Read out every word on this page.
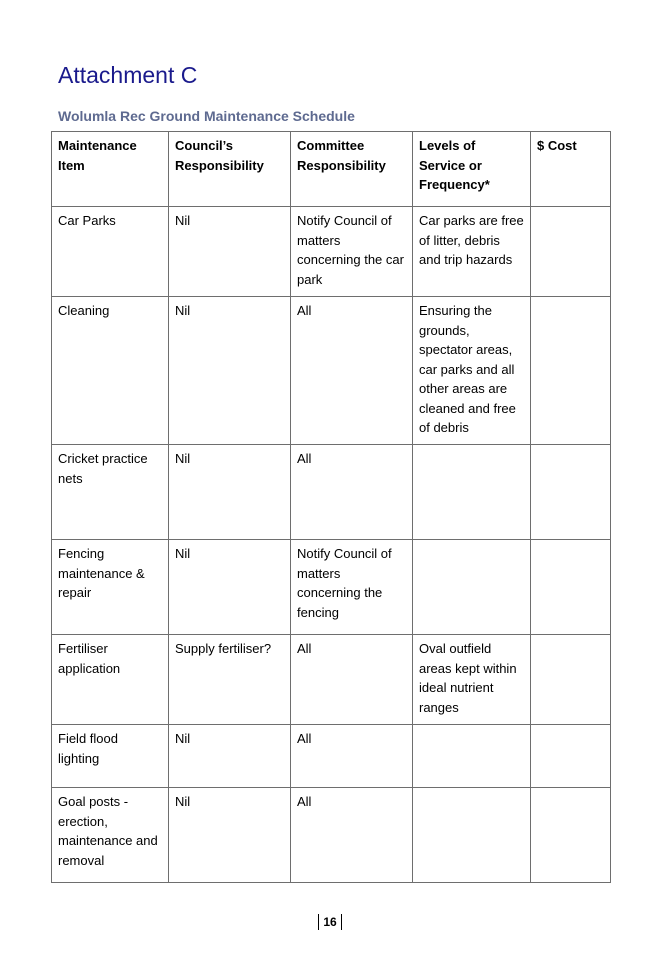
Attachment C
Wolumla Rec Ground Maintenance Schedule
Maintenance Item	Council’s Responsibility	Committee Responsibility	Levels of Service or Frequency*	$ Cost
Car Parks	Nil	Notify Council of matters concerning the car park	Car parks are free of litter, debris and trip hazards	
Cleaning	Nil	All	Ensuring the grounds, spectator areas, car parks and all other areas are cleaned and free of debris	
Cricket practice nets	Nil	All		
Fencing maintenance & repair	Nil	Notify Council of matters concerning the fencing		
Fertiliser application	Supply fertiliser?	All	Oval outfield areas kept within ideal nutrient ranges	
Field flood lighting	Nil	All		
Goal posts - erection, maintenance and removal	Nil	All		
16
